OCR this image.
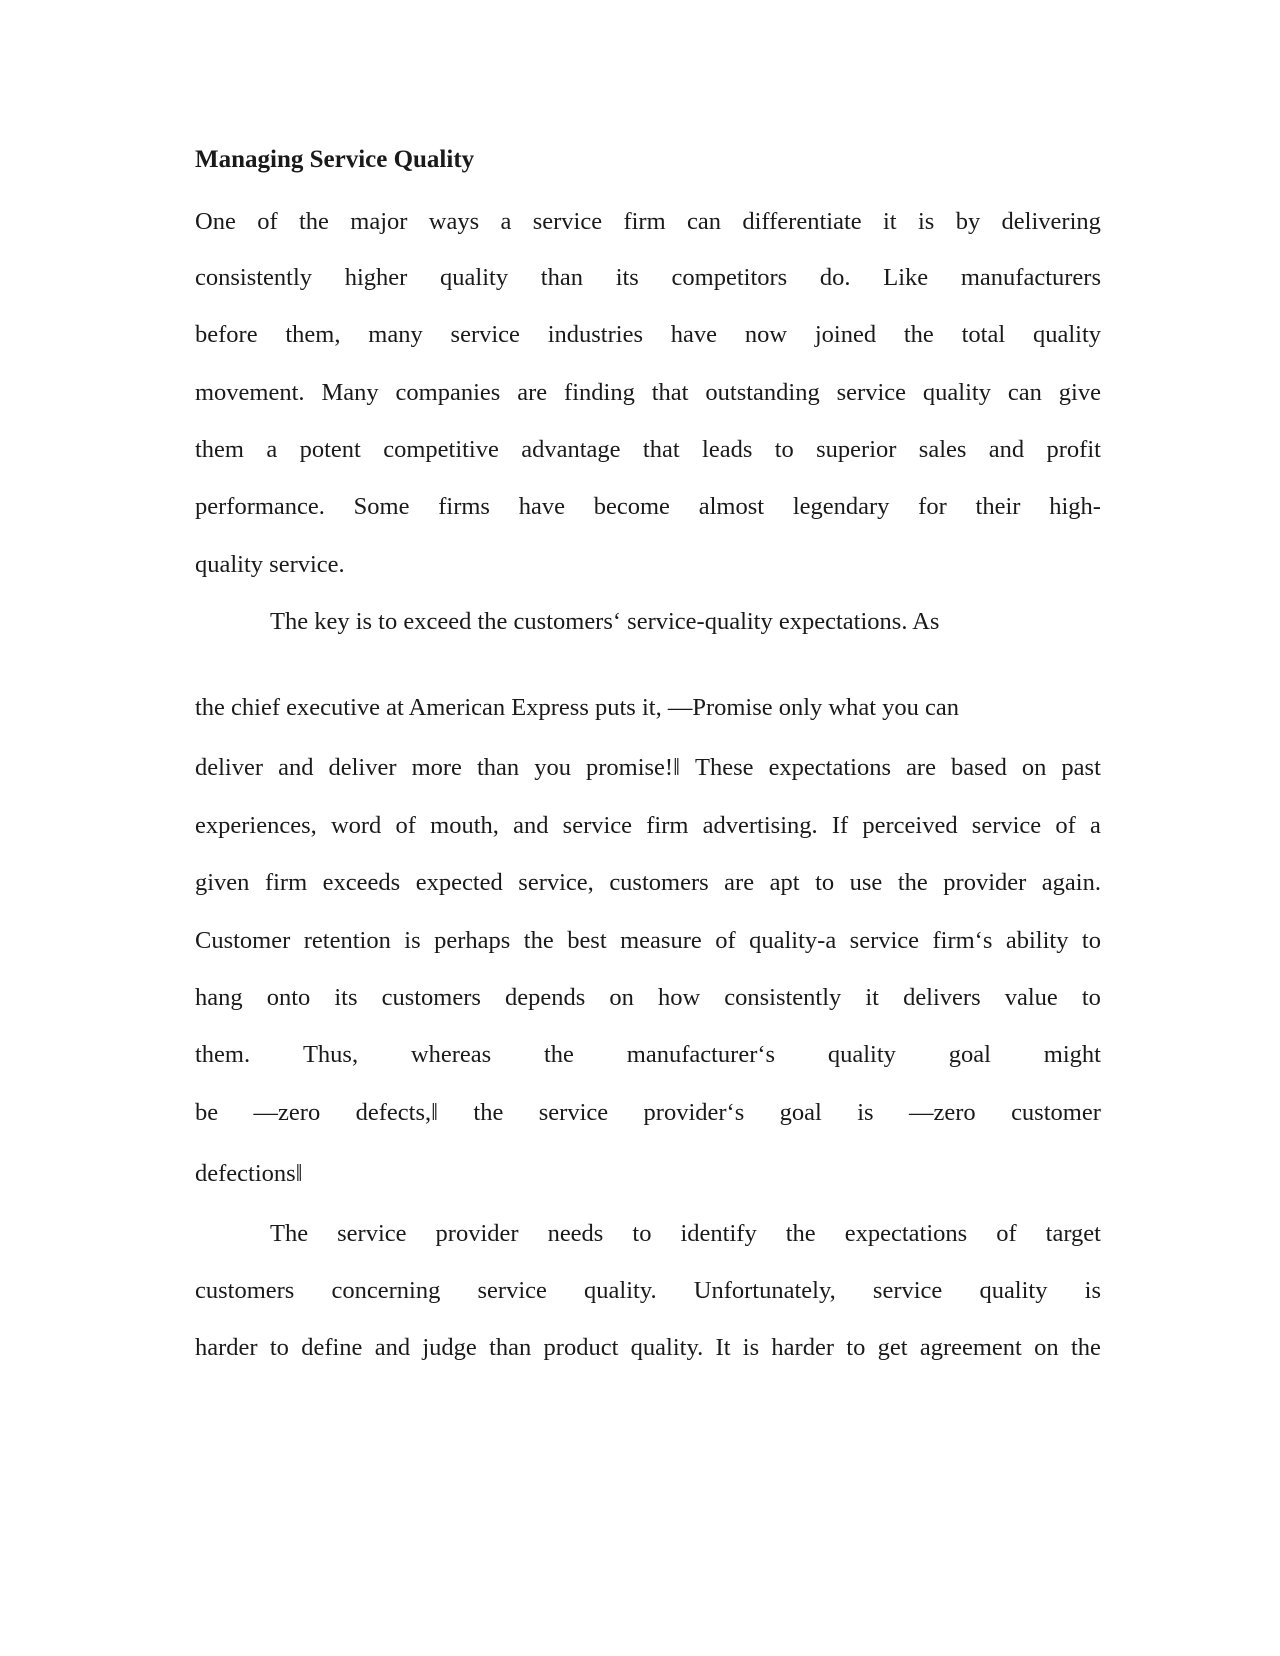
Managing Service Quality
One of the major ways a service firm can differentiate it is by delivering
consistently higher quality than its competitors do. Like manufacturers
before them, many service industries have now joined the total quality
movement. Many companies are finding that outstanding service quality can give
them a potent competitive advantage that leads to superior sales and profit
performance. Some firms have become almost legendary for their high-
quality service.
The key is to exceed the customers‘ service-quality expectations. As
the chief executive at American Express puts it, —Promise only what you can
deliver and deliver more than you promise!‖ These expectations are based on past
experiences, word of mouth, and service firm advertising. If perceived service of a
given firm exceeds expected service, customers are apt to use the provider again.
Customer retention is perhaps the best measure of quality-a service firm‘s ability to
hang onto its customers depends on how consistently it delivers value to
them. Thus, whereas the manufacturer‘s quality goal might
be —zero defects,‖ the service provider‘s goal is —zero customer
defections‖
The service provider needs to identify the expectations of target
customers concerning service quality. Unfortunately, service quality is
harder to define and judge than product quality. It is harder to get agreement on the
